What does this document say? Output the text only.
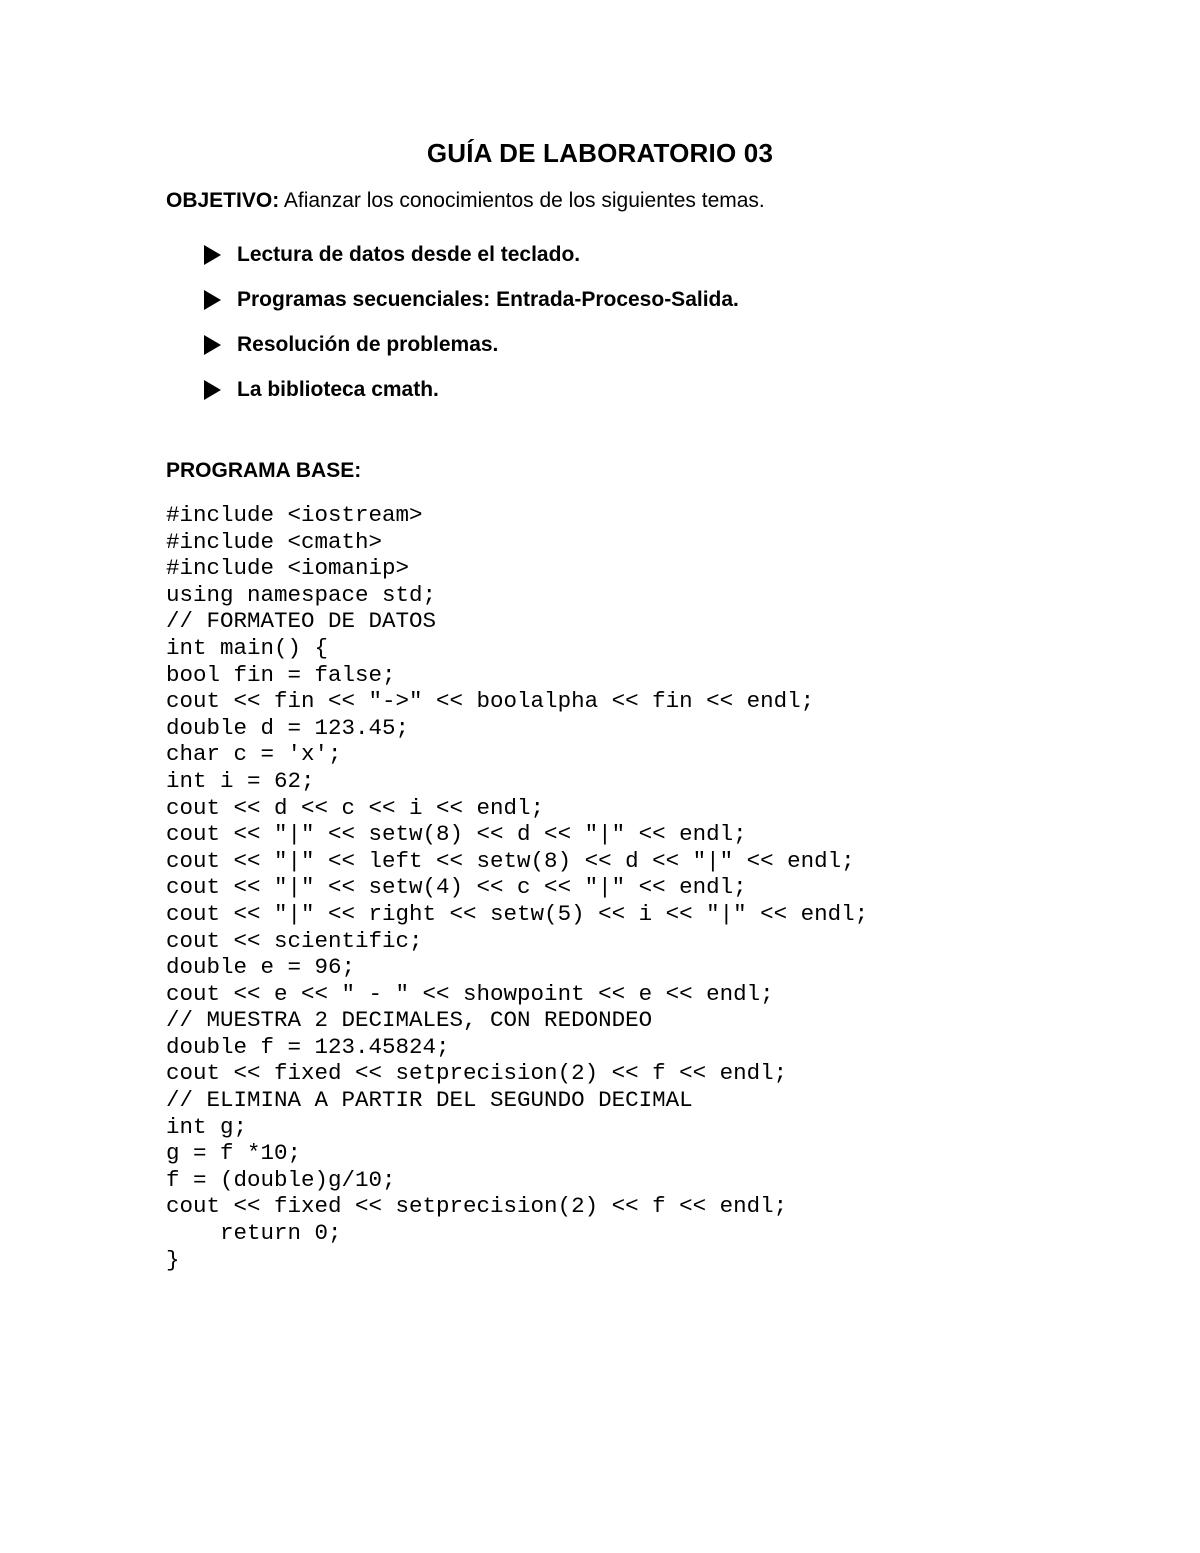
GUÍA DE LABORATORIO 03
OBJETIVO: Afianzar los conocimientos de los siguientes temas.
Lectura de datos desde el teclado.
Programas secuenciales: Entrada-Proceso-Salida.
Resolución de problemas.
La biblioteca cmath.
PROGRAMA BASE:
#include <iostream>
#include <cmath>
#include <iomanip>
using namespace std;
// FORMATEO DE DATOS
int main() {
bool fin = false;
cout << fin << "->" << boolalpha << fin << endl;
double d = 123.45;
char c = 'x';
int i = 62;
cout << d << c << i << endl;
cout << "|" << setw(8) << d << "|" << endl;
cout << "|" << left << setw(8) << d << "|" << endl;
cout << "|" << setw(4) << c << "|" << endl;
cout << "|" << right << setw(5) << i << "|" << endl;
cout << scientific;
double e = 96;
cout << e << " - " << showpoint << e << endl;
// MUESTRA 2 DECIMALES, CON REDONDEO
double f = 123.45824;
cout << fixed << setprecision(2) << f << endl;
// ELIMINA A PARTIR DEL SEGUNDO DECIMAL
int g;
g = f *10;
f = (double)g/10;
cout << fixed << setprecision(2) << f << endl;
return 0;
}
